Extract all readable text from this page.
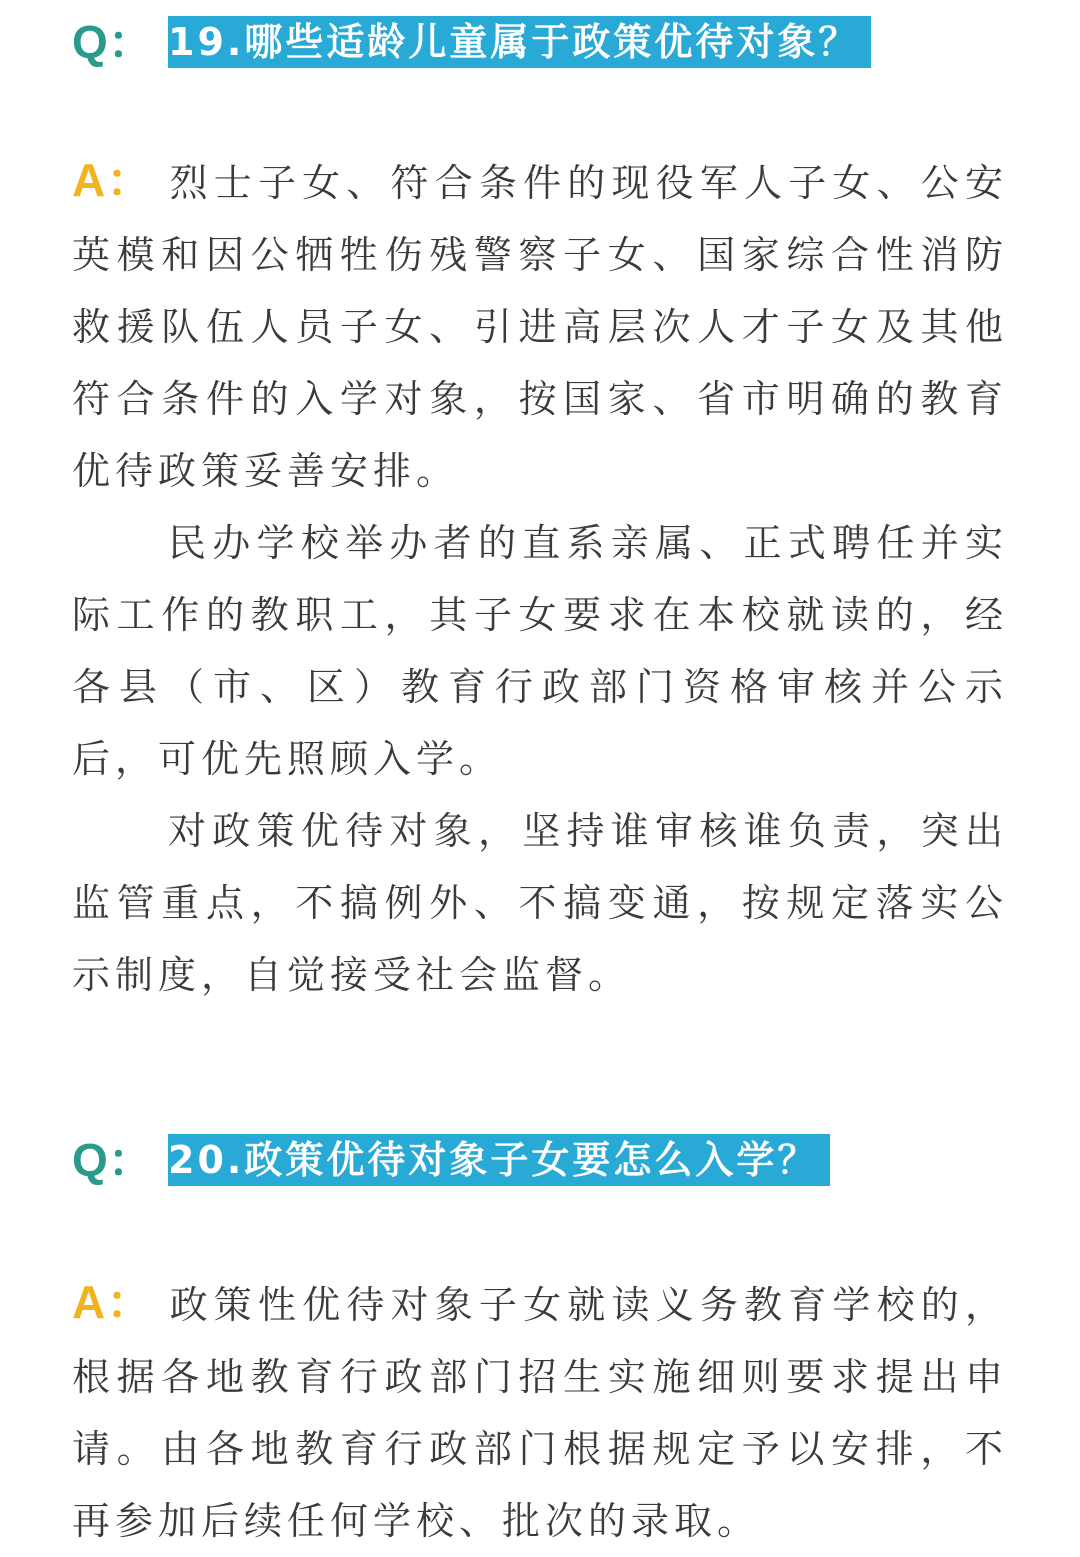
Q： 19.哪些适龄儿童属于政策优待对象？

A： 烈士子女、符合条件的现役军人子女、公安英模和因公牺牲伤残警察子女、国家综合性消防救援队伍人员子女、引进高层次人才子女及其他符合条件的入学对象，按国家、省市明确的教育优待政策妥善安排。

民办学校举办者的直系亲属、正式聘任并实际工作的教职工，其子女要求在本校就读的，经各县（市、区）教育行政部门资格审核并公示后，可优先照顾入学。

对政策优待对象，坚持谁审核谁负责，突出监管重点，不搞例外、不搞变通，按规定落实公示制度，自觉接受社会监督。

Q： 20.政策优待对象子女要怎么入学？

A： 政策性优待对象子女就读义务教育学校的，根据各地教育行政部门招生实施细则要求提出申请。由各地教育行政部门根据规定予以安排，不再参加后续任何学校、批次的录取。
